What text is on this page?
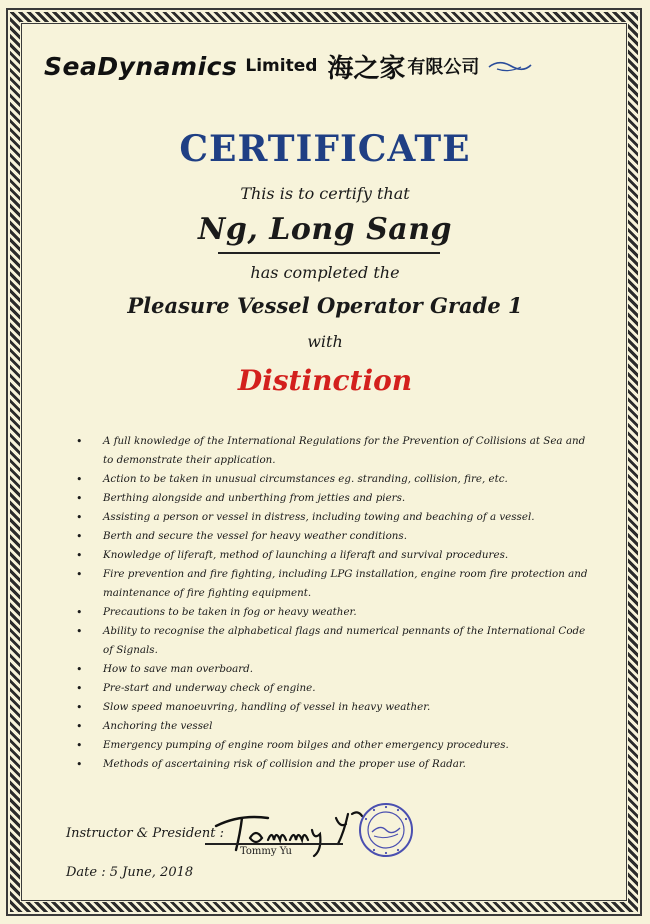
SeaDynamics Limited 海之家 有限公司
CERTIFICATE
This is to certify that
Ng, Long Sang
has completed the
Pleasure Vessel Operator Grade 1
with
Distinction
• A full knowledge of the International Regulations for the Prevention of Collisions at Sea and to demonstrate their application.
• Action to be taken in unusual circumstances eg. stranding, collision, fire, etc.
• Berthing alongside and unberthing from jetties and piers.
• Assisting a person or vessel in distress, including towing and beaching of a vessel.
• Berth and secure the vessel for heavy weather conditions.
• Knowledge of liferaft, method of launching a liferaft and survival procedures.
• Fire prevention and fire fighting, including LPG installation, engine room fire protection and maintenance of fire fighting equipment.
• Precautions to be taken in fog or heavy weather.
• Ability to recognise the alphabetical flags and numerical pennants of the International Code of Signals.
• How to save man overboard.
• Pre-start and underway check of engine.
• Slow speed manoeuvring, handling of vessel in heavy weather.
• Anchoring the vessel
• Emergency pumping of engine room bilges and other emergency procedures.
• Methods of ascertaining risk of collision and the proper use of Radar.
Instructor & President :
Tommy Yu
Date : 5 June, 2018
